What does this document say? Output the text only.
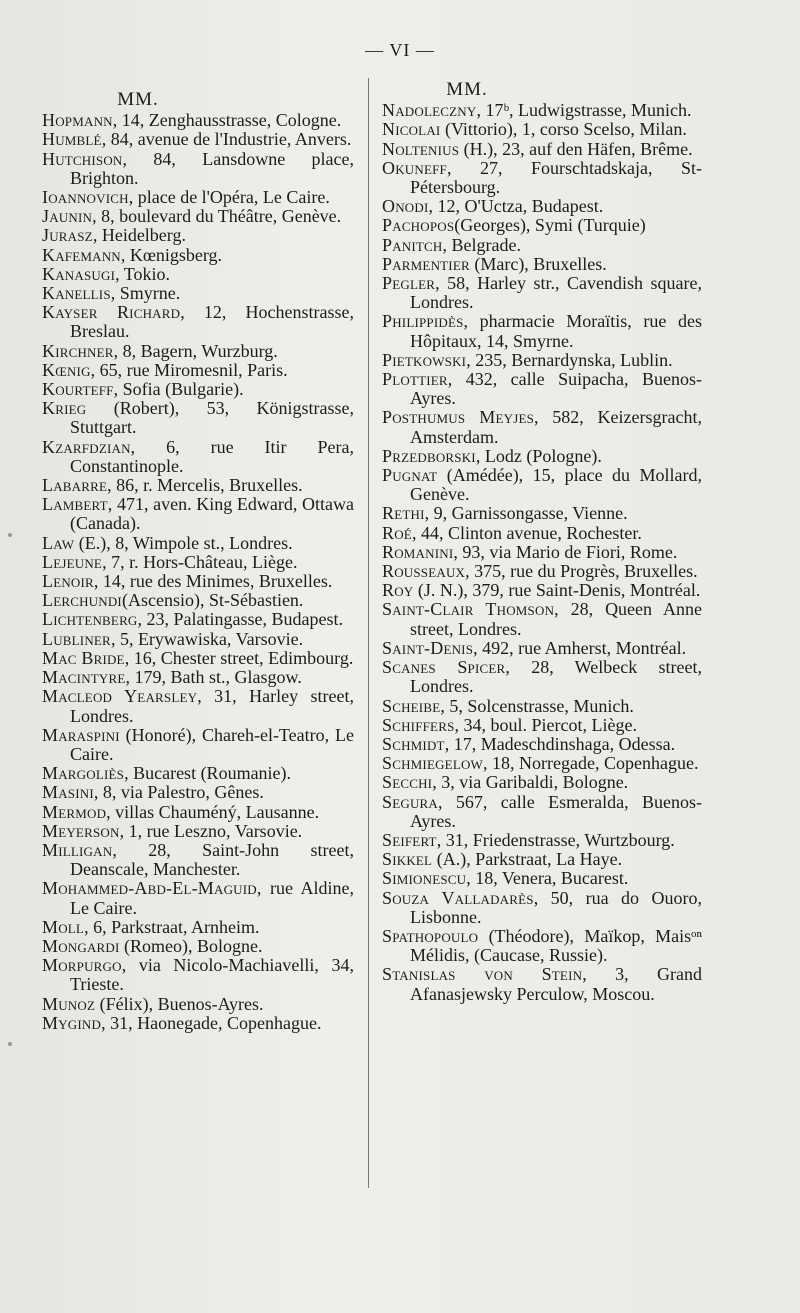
— VI —
MM.
Hopmann, 14, Zenghausstrasse, Cologne.
Humblé, 84, avenue de l'Industrie, Anvers.
Hutchison, 84, Lansdowne place, Brighton.
Ioannovich, place de l'Opéra, Le Caire.
Jaunin, 8, boulevard du Théâtre, Genève.
Jurasz, Heidelberg.
Kafemann, Kœnigsberg.
Kanasugi, Tokio.
Kanellis, Smyrne.
Kayser Richard, 12, Hochenstrasse, Breslau.
Kirchner, 8, Bagern, Wurzburg.
Kœnig, 65, rue Miromesnil, Paris.
Kourteff, Sofia (Bulgarie).
Krieg (Robert), 53, Königstrasse, Stuttgart.
Kzarfdzian, 6, rue Itir Pera, Constantinople.
Labarre, 86, r. Mercelis, Bruxelles.
Lambert, 471, aven. King Edward, Ottawa (Canada).
Law (E.), 8, Wimpole st., Londres.
Lejeune, 7, r. Hors-Château, Liège.
Lenoir, 14, rue des Minimes, Bruxelles.
Lerchundi(Ascensio), St-Sébastien.
Lichtenberg, 23, Palatingasse, Budapest.
Lubliner, 5, Erywawiska, Varsovie.
Mac Bride, 16, Chester street, Edimbourg.
Macintyre, 179, Bath st., Glasgow.
Macleod Yearsley, 31, Harley street, Londres.
Maraspini (Honoré), Chareh-el-Teatro, Le Caire.
Margoliès, Bucarest (Roumanie).
Masini, 8, via Palestro, Gênes.
Mermod, villas Chauméný, Lausanne.
Meyerson, 1, rue Leszno, Varsovie.
Milligan, 28, Saint-John street, Deanscale, Manchester.
Mohammed-Abd-El-Maguid, rue Aldine, Le Caire.
Moll, 6, Parkstraat, Arnheim.
Mongardi (Romeo), Bologne.
Morpurgo, via Nicolo-Machiavelli, 34, Trieste.
Munoz (Félix), Buenos-Ayres.
Mygind, 31, Haonegade, Copenhague.
MM.
Nadoleczny, 17ᵇ, Ludwigstrasse, Munich.
Nicolai (Vittorio), 1, corso Scelso, Milan.
Noltenius (H.), 23, auf den Häfen, Brême.
Okuneff, 27, Fourschtadskaja, St-Pétersbourg.
Onodi, 12, O'Uctza, Budapest.
Pachopos(Georges), Symi (Turquie)
Panitch, Belgrade.
Parmentier (Marc), Bruxelles.
Pegler, 58, Harley str., Cavendish square, Londres.
Philippidès, pharmacie Moraïtis, rue des Hôpitaux, 14, Smyrne.
Pietkowski, 235, Bernardynska, Lublin.
Plottier, 432, calle Suipacha, Buenos-Ayres.
Posthumus Meyjes, 582, Keizersgracht, Amsterdam.
Przedborski, Lodz (Pologne).
Pugnat (Amédée), 15, place du Mollard, Genève.
Rethi, 9, Garnissongasse, Vienne.
Roé, 44, Clinton avenue, Rochester.
Romanini, 93, via Mario de Fiori, Rome.
Rousseaux, 375, rue du Progrès, Bruxelles.
Roy (J. N.), 379, rue Saint-Denis, Montréal.
Saint-Clair Thomson, 28, Queen Anne street, Londres.
Saint-Denis, 492, rue Amherst, Montréal.
Scanes Spicer, 28, Welbeck street, Londres.
Scheibe, 5, Solcenstrasse, Munich.
Schiffers, 34, boul. Piercot, Liège.
Schmidt, 17, Madeschdinshaga, Odessa.
Schmiegelow, 18, Norregade, Copenhague.
Secchi, 3, via Garibaldi, Bologne.
Segura, 567, calle Esmeralda, Buenos-Ayres.
Seifert, 31, Friedenstrasse, Wurtzbourg.
Sikkel (A.), Parkstraat, La Haye.
Simionescu, 18, Venera, Bucarest.
Souza Valladarès, 50, rua do Ouoro, Lisbonne.
Spathopoulo (Théodore), Maïkop, Maisᵒⁿ Mélidis, (Caucase, Russie).
Stanislas von Stein, 3, Grand Afanasjewsky Perculow, Moscou.
